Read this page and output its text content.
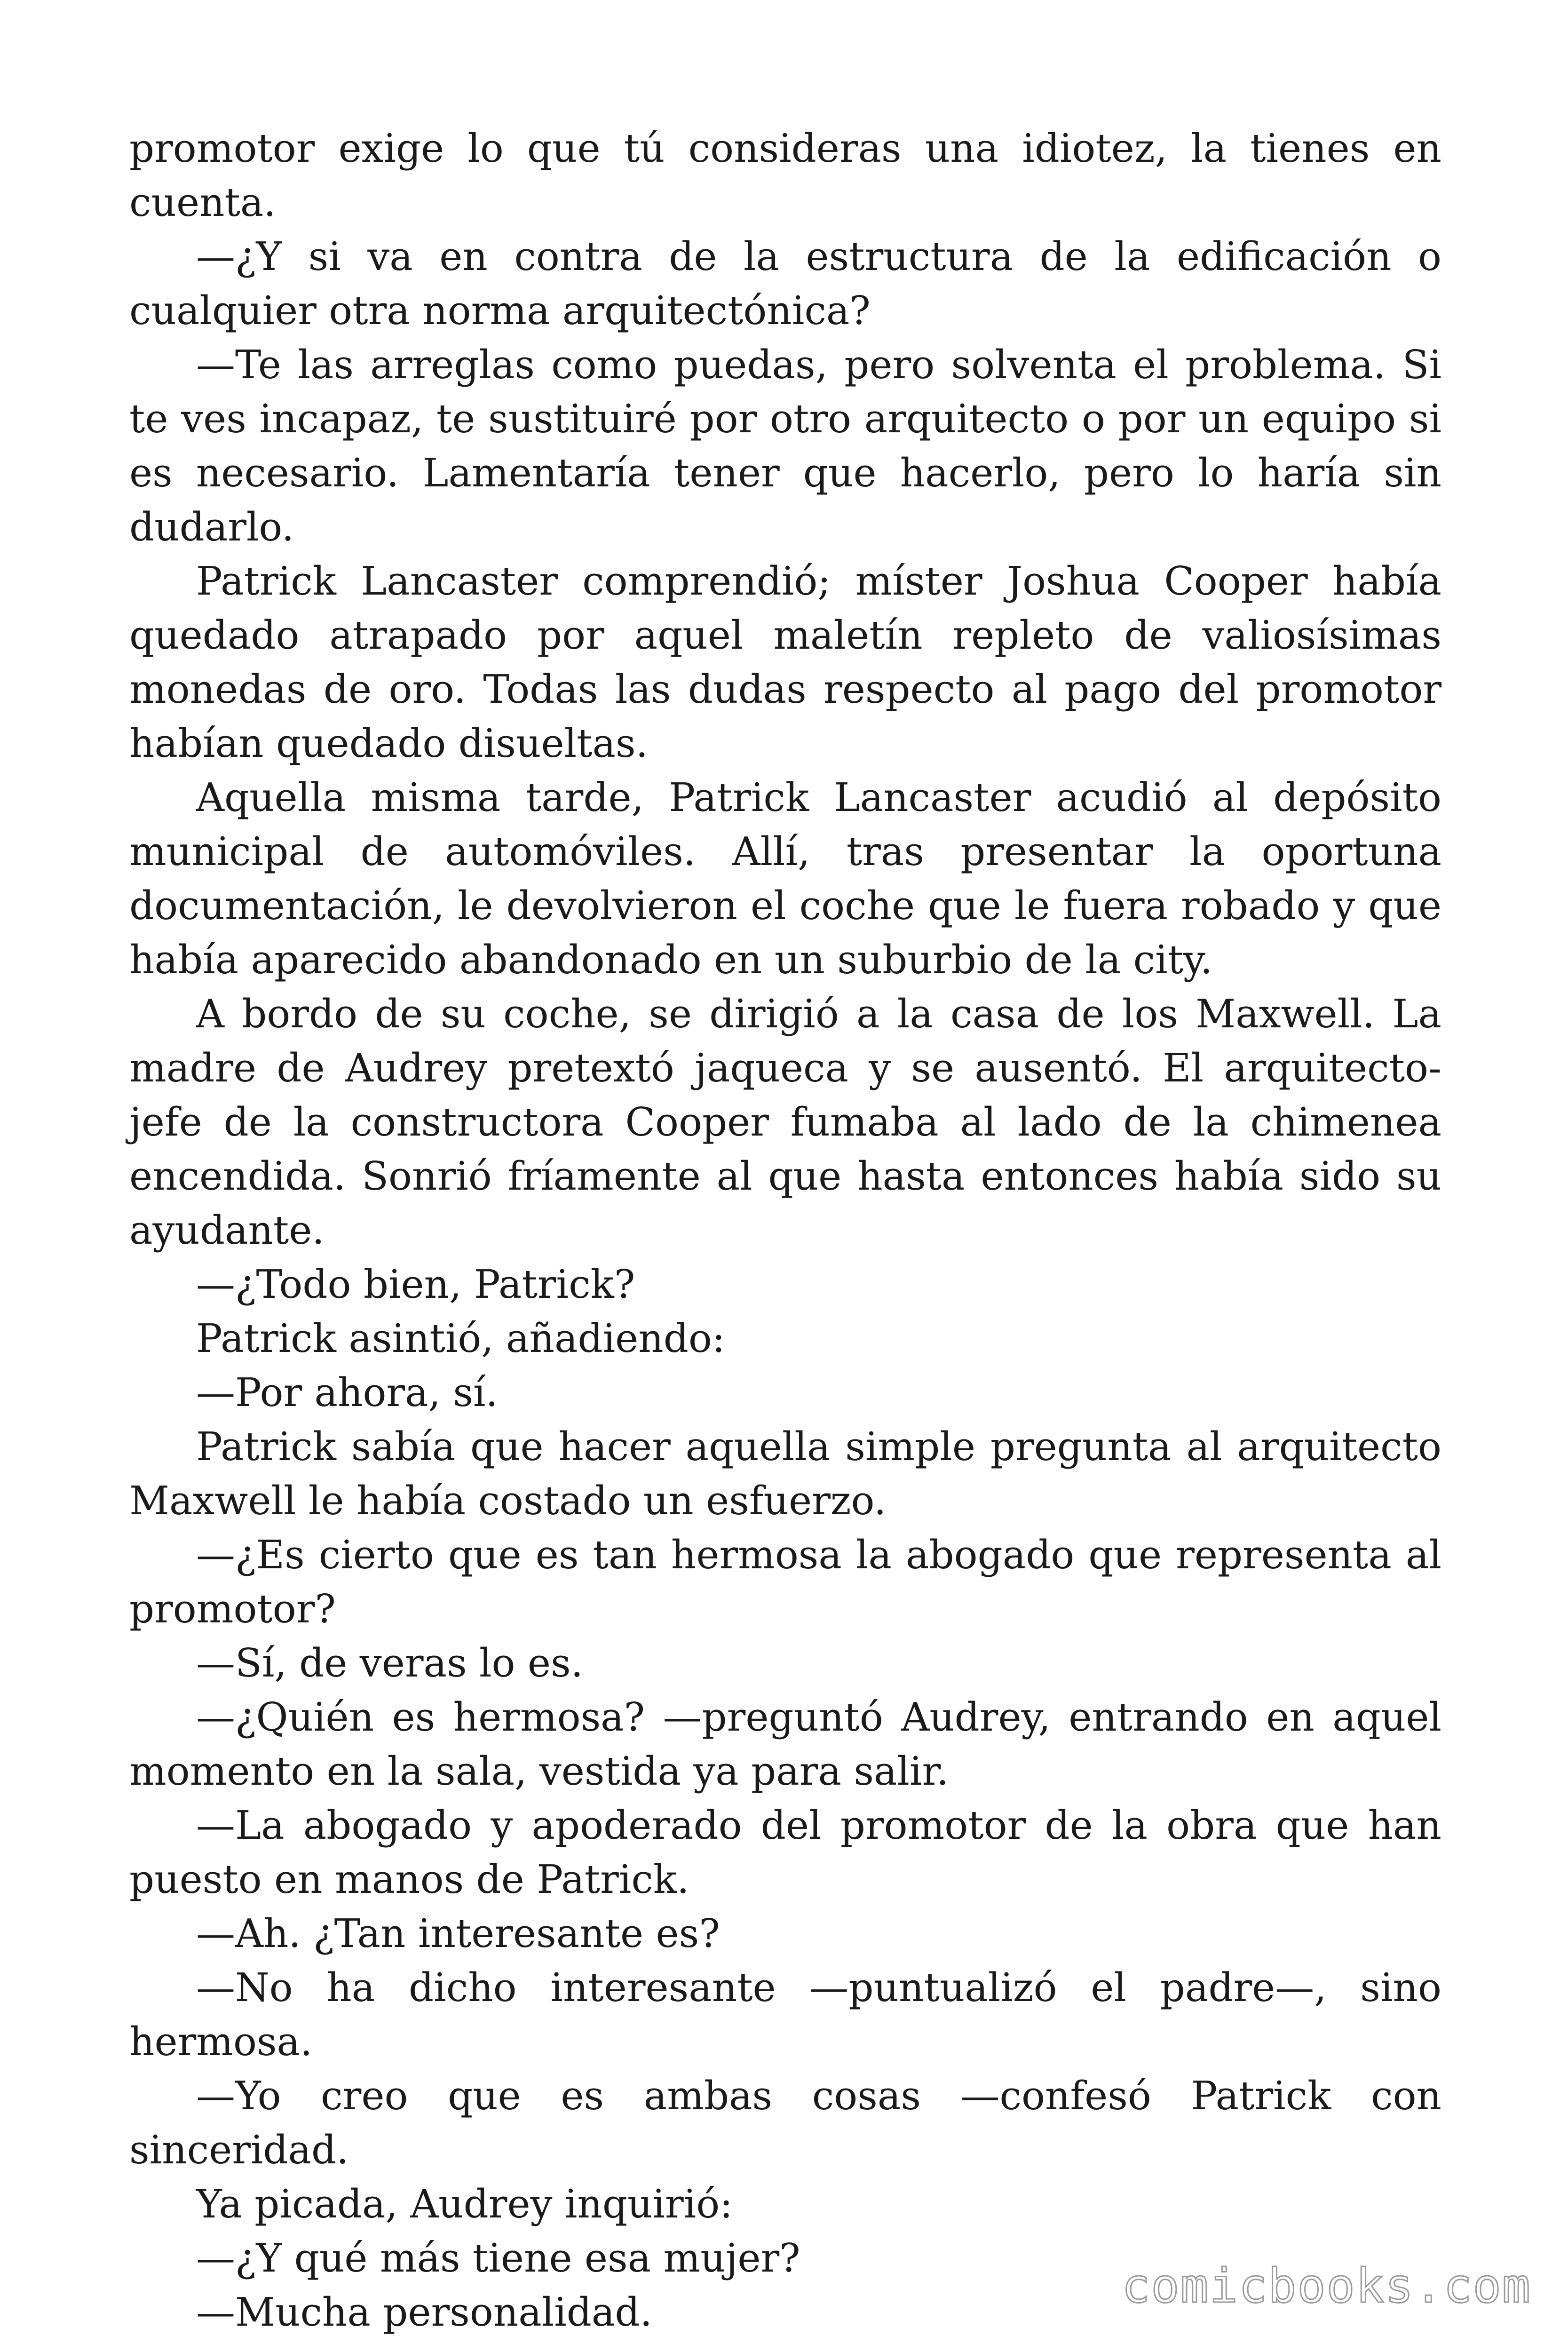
promotor exige lo que tú consideras una idiotez, la tienes en cuenta.

—¿Y si va en contra de la estructura de la edificación o cualquier otra norma arquitectónica?

—Te las arreglas como puedas, pero solventa el problema. Si te ves incapaz, te sustituiré por otro arquitecto o por un equipo si es necesario. Lamentaría tener que hacerlo, pero lo haría sin dudarlo.

Patrick Lancaster comprendió; míster Joshua Cooper había quedado atrapado por aquel maletín repleto de valiosísimas monedas de oro. Todas las dudas respecto al pago del promotor habían quedado disueltas.

Aquella misma tarde, Patrick Lancaster acudió al depósito municipal de automóviles. Allí, tras presentar la oportuna documentación, le devolvieron el coche que le fuera robado y que había aparecido abandonado en un suburbio de la city.

A bordo de su coche, se dirigió a la casa de los Maxwell. La madre de Audrey pretextó jaqueca y se ausentó. El arquitecto-jefe de la constructora Cooper fumaba al lado de la chimenea encendida. Sonrió fríamente al que hasta entonces había sido su ayudante.

—¿Todo bien, Patrick?

Patrick asintió, añadiendo:

—Por ahora, sí.

Patrick sabía que hacer aquella simple pregunta al arquitecto Maxwell le había costado un esfuerzo.

—¿Es cierto que es tan hermosa la abogado que representa al promotor?

—Sí, de veras lo es.

—¿Quién es hermosa? —preguntó Audrey, entrando en aquel momento en la sala, vestida ya para salir.

—La abogado y apoderado del promotor de la obra que han puesto en manos de Patrick.

—Ah. ¿Tan interesante es?

—No ha dicho interesante —puntualizó el padre—, sino hermosa.

—Yo creo que es ambas cosas —confesó Patrick con sinceridad.

Ya picada, Audrey inquirió:

—¿Y qué más tiene esa mujer?

—Mucha personalidad.	comicbooks.com
